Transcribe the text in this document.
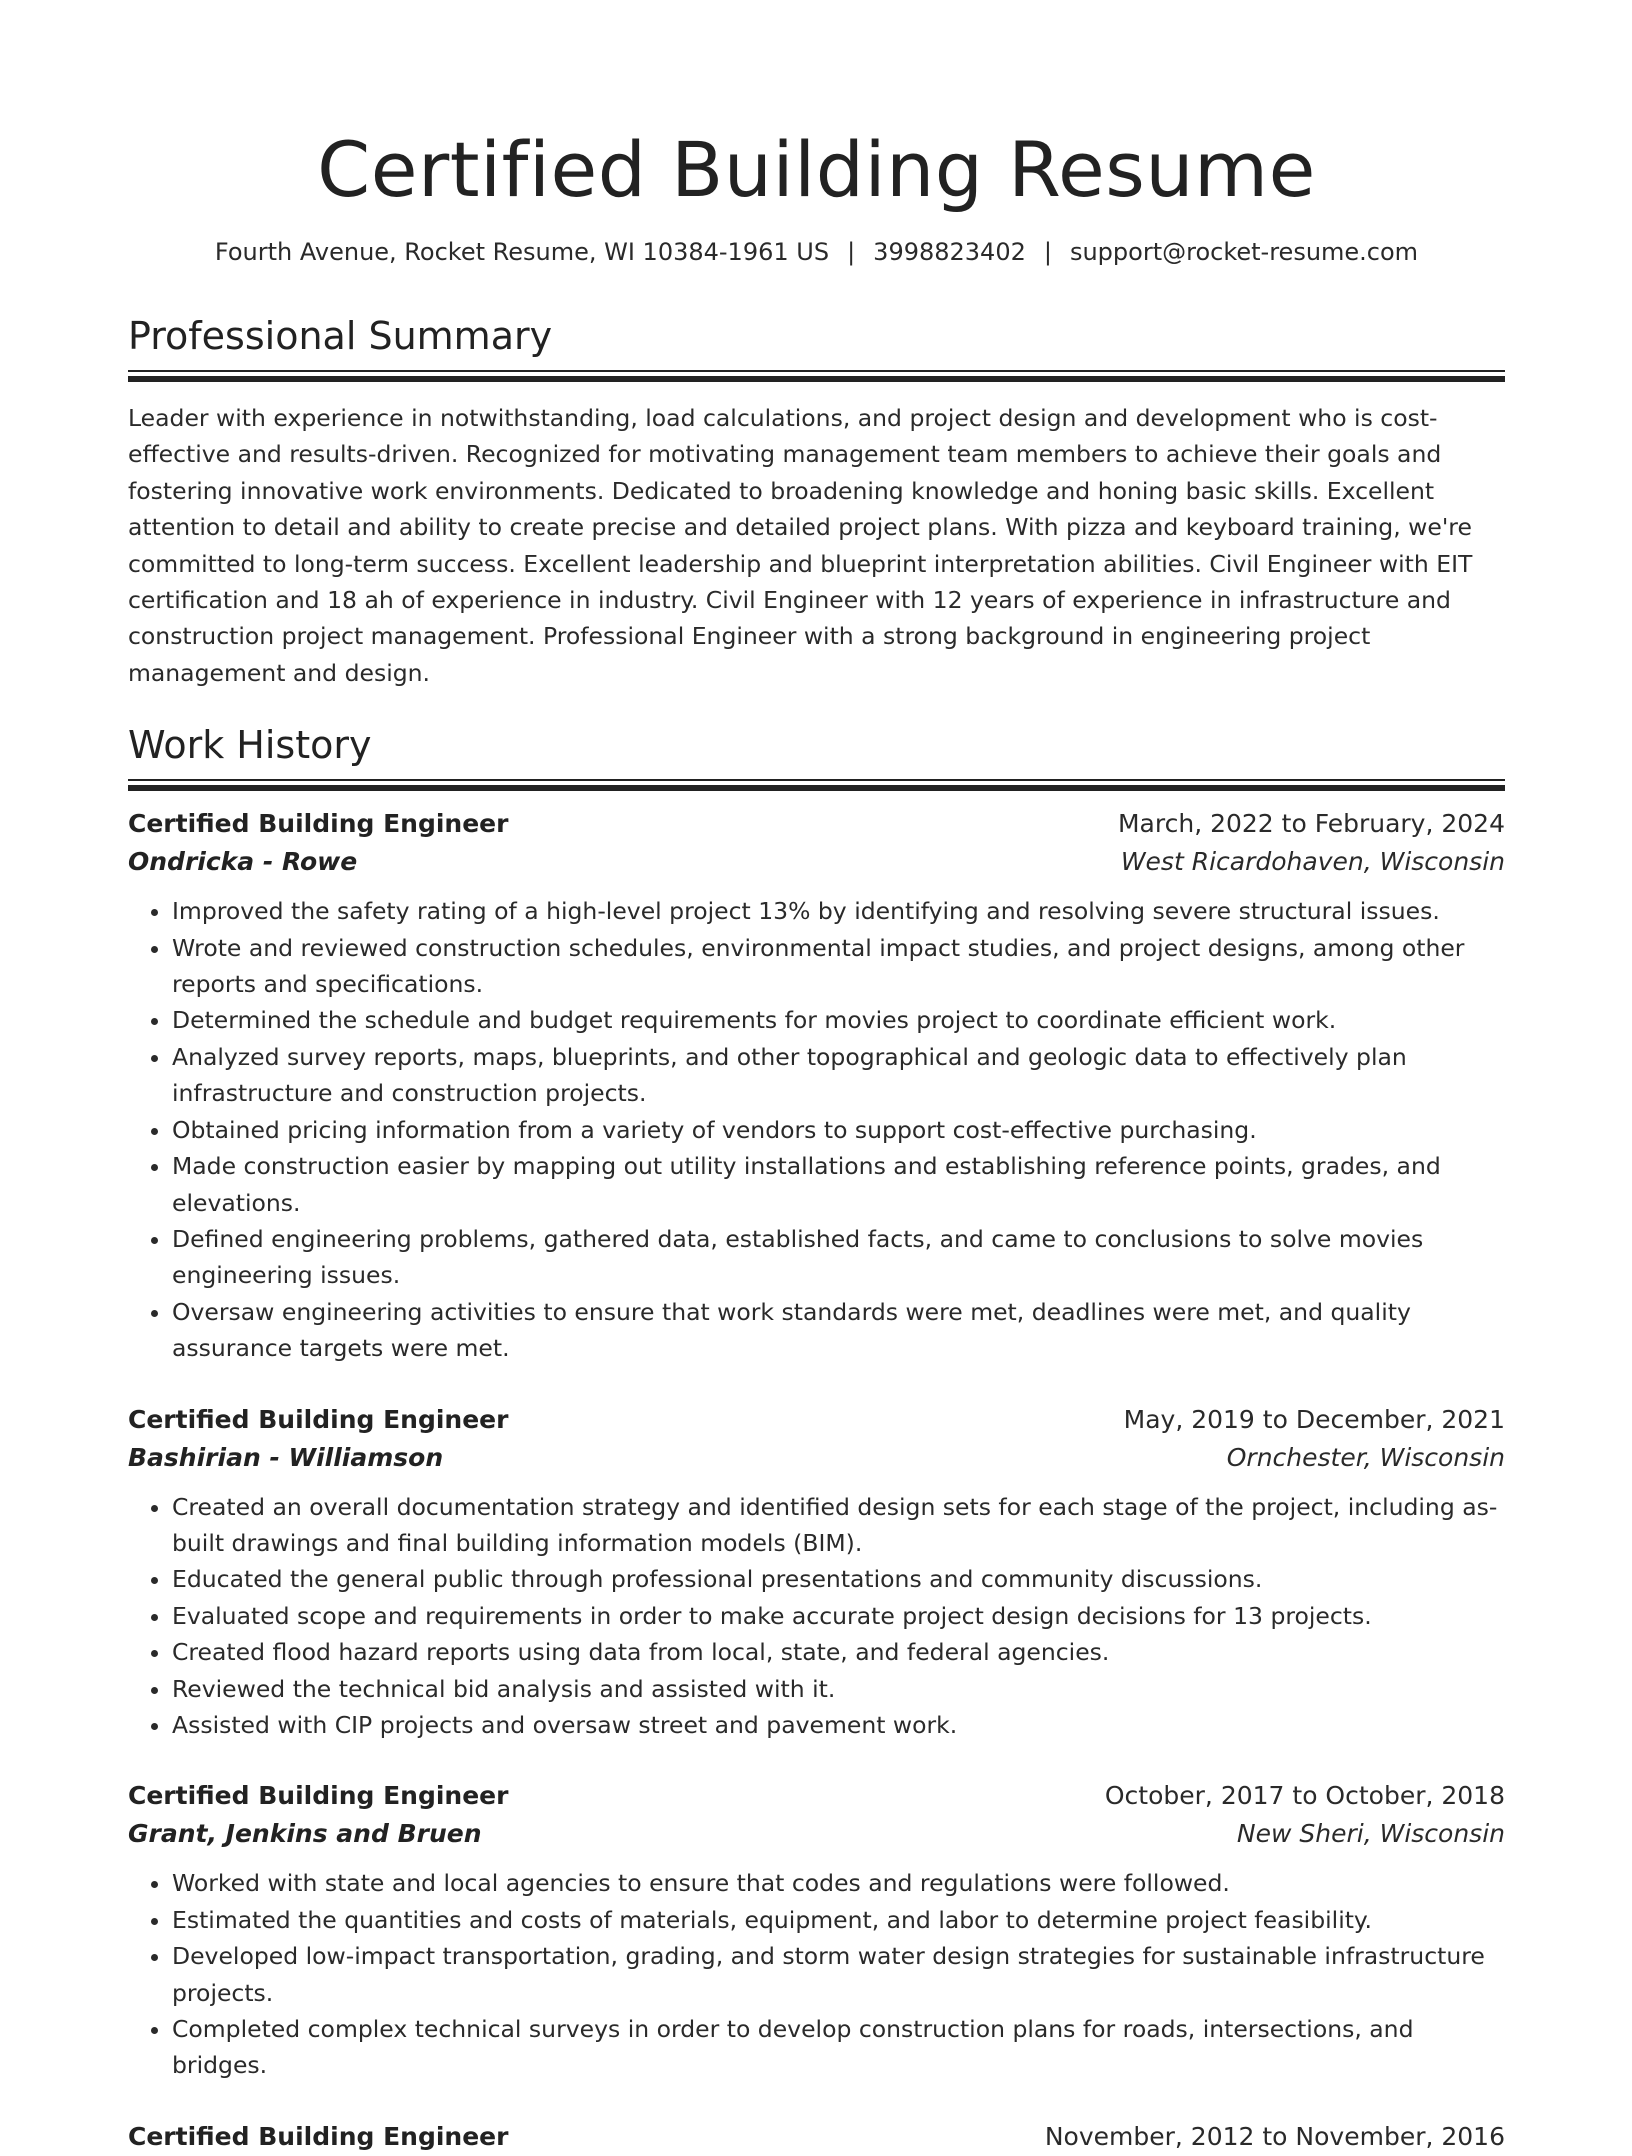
Certified Building Resume
Fourth Avenue, Rocket Resume, WI 10384-1961 US | 3998823402 | support@rocket-resume.com
Professional Summary
Leader with experience in notwithstanding, load calculations, and project design and development who is cost-effective and results-driven. Recognized for motivating management team members to achieve their goals and fostering innovative work environments. Dedicated to broadening knowledge and honing basic skills. Excellent attention to detail and ability to create precise and detailed project plans. With pizza and keyboard training, we're committed to long-term success. Excellent leadership and blueprint interpretation abilities. Civil Engineer with EIT certification and 18 ah of experience in industry. Civil Engineer with 12 years of experience in infrastructure and construction project management. Professional Engineer with a strong background in engineering project management and design.
Work History
Certified Building Engineer	March, 2022 to February, 2024
Ondricka - Rowe	West Ricardohaven, Wisconsin
• Improved the safety rating of a high-level project 13% by identifying and resolving severe structural issues.
• Wrote and reviewed construction schedules, environmental impact studies, and project designs, among other reports and specifications.
• Determined the schedule and budget requirements for movies project to coordinate efficient work.
• Analyzed survey reports, maps, blueprints, and other topographical and geologic data to effectively plan infrastructure and construction projects.
• Obtained pricing information from a variety of vendors to support cost-effective purchasing.
• Made construction easier by mapping out utility installations and establishing reference points, grades, and elevations.
• Defined engineering problems, gathered data, established facts, and came to conclusions to solve movies engineering issues.
• Oversaw engineering activities to ensure that work standards were met, deadlines were met, and quality assurance targets were met.
Certified Building Engineer	May, 2019 to December, 2021
Bashirian - Williamson	Ornchester, Wisconsin
• Created an overall documentation strategy and identified design sets for each stage of the project, including as-built drawings and final building information models (BIM).
• Educated the general public through professional presentations and community discussions.
• Evaluated scope and requirements in order to make accurate project design decisions for 13 projects.
• Created flood hazard reports using data from local, state, and federal agencies.
• Reviewed the technical bid analysis and assisted with it.
• Assisted with CIP projects and oversaw street and pavement work.
Certified Building Engineer	October, 2017 to October, 2018
Grant, Jenkins and Bruen	New Sheri, Wisconsin
• Worked with state and local agencies to ensure that codes and regulations were followed.
• Estimated the quantities and costs of materials, equipment, and labor to determine project feasibility.
• Developed low-impact transportation, grading, and storm water design strategies for sustainable infrastructure projects.
• Completed complex technical surveys in order to develop construction plans for roads, intersections, and bridges.
Certified Building Engineer	November, 2012 to November, 2016
